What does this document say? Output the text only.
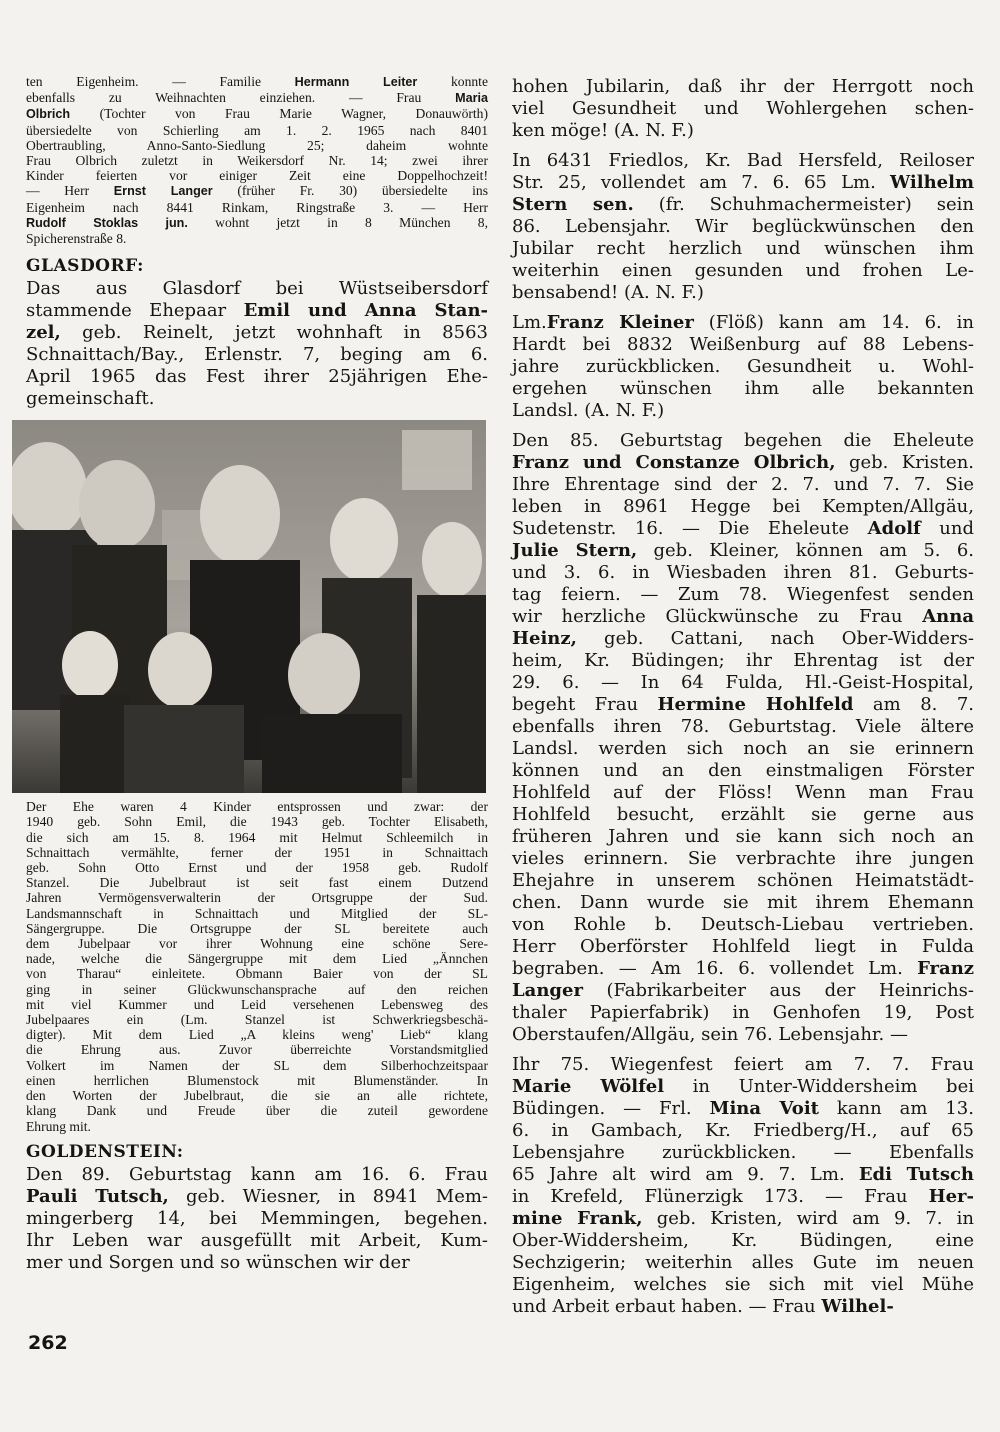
ten Eigenheim. — Familie Hermann Leiter konnte
ebenfalls zu Weihnachten einziehen. — Frau Maria
Olbrich (Tochter von Frau Marie Wagner, Donauwörth)
übersiedelte von Schierling am 1. 2. 1965 nach 8401
Obertraubling, Anno-Santo-Siedlung 25; daheim wohnte
Frau Olbrich zuletzt in Weikersdorf Nr. 14; zwei ihrer
Kinder feierten vor einiger Zeit eine Doppelhochzeit!
— Herr Ernst Langer (früher Fr. 30) übersiedelte ins
Eigenheim nach 8441 Rinkam, Ringstraße 3. — Herr
Rudolf Stoklas jun. wohnt jetzt in 8 München 8,
Spicherenstraße 8.
GLASDORF:
Das aus Glasdorf bei Wüstseibersdorf
stammende Ehepaar Emil und Anna Stan-
zel, geb. Reinelt, jetzt wohnhaft in 8563
Schnaittach/Bay., Erlenstr. 7, beging am 6.
April 1965 das Fest ihrer 25jährigen Ehe-
gemeinschaft.
Der Ehe waren 4 Kinder entsprossen und zwar: der
1940 geb. Sohn Emil, die 1943 geb. Tochter Elisabeth,
die sich am 15. 8. 1964 mit Helmut Schleemilch in
Schnaittach vermählte, ferner der 1951 in Schnaittach
geb. Sohn Otto Ernst und der 1958 geb. Rudolf
Stanzel. Die Jubelbraut ist seit fast einem Dutzend
Jahren Vermögensverwalterin der Ortsgruppe der Sud.
Landsmannschaft in Schnaittach und Mitglied der SL-
Sängergruppe. Die Ortsgruppe der SL bereitete auch
dem Jubelpaar vor ihrer Wohnung eine schöne Sere-
nade, welche die Sängergruppe mit dem Lied „Ännchen
von Tharau“ einleitete. Obmann Baier von der SL
ging in seiner Glückwunschansprache auf den reichen
mit viel Kummer und Leid versehenen Lebensweg des
Jubelpaares ein (Lm. Stanzel ist Schwerkriegsbeschä-
digter). Mit dem Lied „A kleins weng' Lieb“ klang
die Ehrung aus. Zuvor überreichte Vorstandsmitglied
Volkert im Namen der SL dem Silberhochzeitspaar
einen herrlichen Blumenstock mit Blumenständer. In
den Worten der Jubelbraut, die sie an alle richtete,
klang Dank und Freude über die zuteil gewordene
Ehrung mit.
GOLDENSTEIN:
Den 89. Geburtstag kann am 16. 6. Frau
Pauli Tutsch, geb. Wiesner, in 8941 Mem-
mingerberg 14, bei Memmingen, begehen.
Ihr Leben war ausgefüllt mit Arbeit, Kum-
mer und Sorgen und so wünschen wir der
hohen Jubilarin, daß ihr der Herrgott noch
viel Gesundheit und Wohlergehen schen-
ken möge! (A. N. F.)
In 6431 Friedlos, Kr. Bad Hersfeld, Reiloser
Str. 25, vollendet am 7. 6. 65 Lm. Wilhelm
Stern sen. (fr. Schuhmachermeister) sein
86. Lebensjahr. Wir beglückwünschen den
Jubilar recht herzlich und wünschen ihm
weiterhin einen gesunden und frohen Le-
bensabend! (A. N. F.)
Lm.Franz Kleiner (Flöß) kann am 14. 6. in
Hardt bei 8832 Weißenburg auf 88 Lebens-
jahre zurückblicken. Gesundheit u. Wohl-
ergehen wünschen ihm alle bekannten
Landsl. (A. N. F.)
Den 85. Geburtstag begehen die Eheleute
Franz und Constanze Olbrich, geb. Kristen.
Ihre Ehrentage sind der 2. 7. und 7. 7. Sie
leben in 8961 Hegge bei Kempten/Allgäu,
Sudetenstr. 16. — Die Eheleute Adolf und
Julie Stern, geb. Kleiner, können am 5. 6.
und 3. 6. in Wiesbaden ihren 81. Geburts-
tag feiern. — Zum 78. Wiegenfest senden
wir herzliche Glückwünsche zu Frau Anna
Heinz, geb. Cattani, nach Ober-Widders-
heim, Kr. Büdingen; ihr Ehrentag ist der
29. 6. — In 64 Fulda, Hl.-Geist-Hospital,
begeht Frau Hermine Hohlfeld am 8. 7.
ebenfalls ihren 78. Geburtstag. Viele ältere
Landsl. werden sich noch an sie erinnern
können und an den einstmaligen Förster
Hohlfeld auf der Flöss! Wenn man Frau
Hohlfeld besucht, erzählt sie gerne aus
früheren Jahren und sie kann sich noch an
vieles erinnern. Sie verbrachte ihre jungen
Ehejahre in unserem schönen Heimatstädt-
chen. Dann wurde sie mit ihrem Ehemann
von Rohle b. Deutsch-Liebau vertrieben.
Herr Oberförster Hohlfeld liegt in Fulda
begraben. — Am 16. 6. vollendet Lm. Franz
Langer (Fabrikarbeiter aus der Heinrichs-
thaler Papierfabrik) in Genhofen 19, Post
Oberstaufen/Allgäu, sein 76. Lebensjahr. —
Ihr 75. Wiegenfest feiert am 7. 7. Frau
Marie Wölfel in Unter-Widdersheim bei
Büdingen. — Frl. Mina Voit kann am 13.
6. in Gambach, Kr. Friedberg/H., auf 65
Lebensjahre zurückblicken. — Ebenfalls
65 Jahre alt wird am 9. 7. Lm. Edi Tutsch
in Krefeld, Flünerzigk 173. — Frau Her-
mine Frank, geb. Kristen, wird am 9. 7. in
Ober-Widdersheim, Kr. Büdingen, eine
Sechzigerin; weiterhin alles Gute im neuen
Eigenheim, welches sie sich mit viel Mühe
und Arbeit erbaut haben. — Frau Wilhel-
262
